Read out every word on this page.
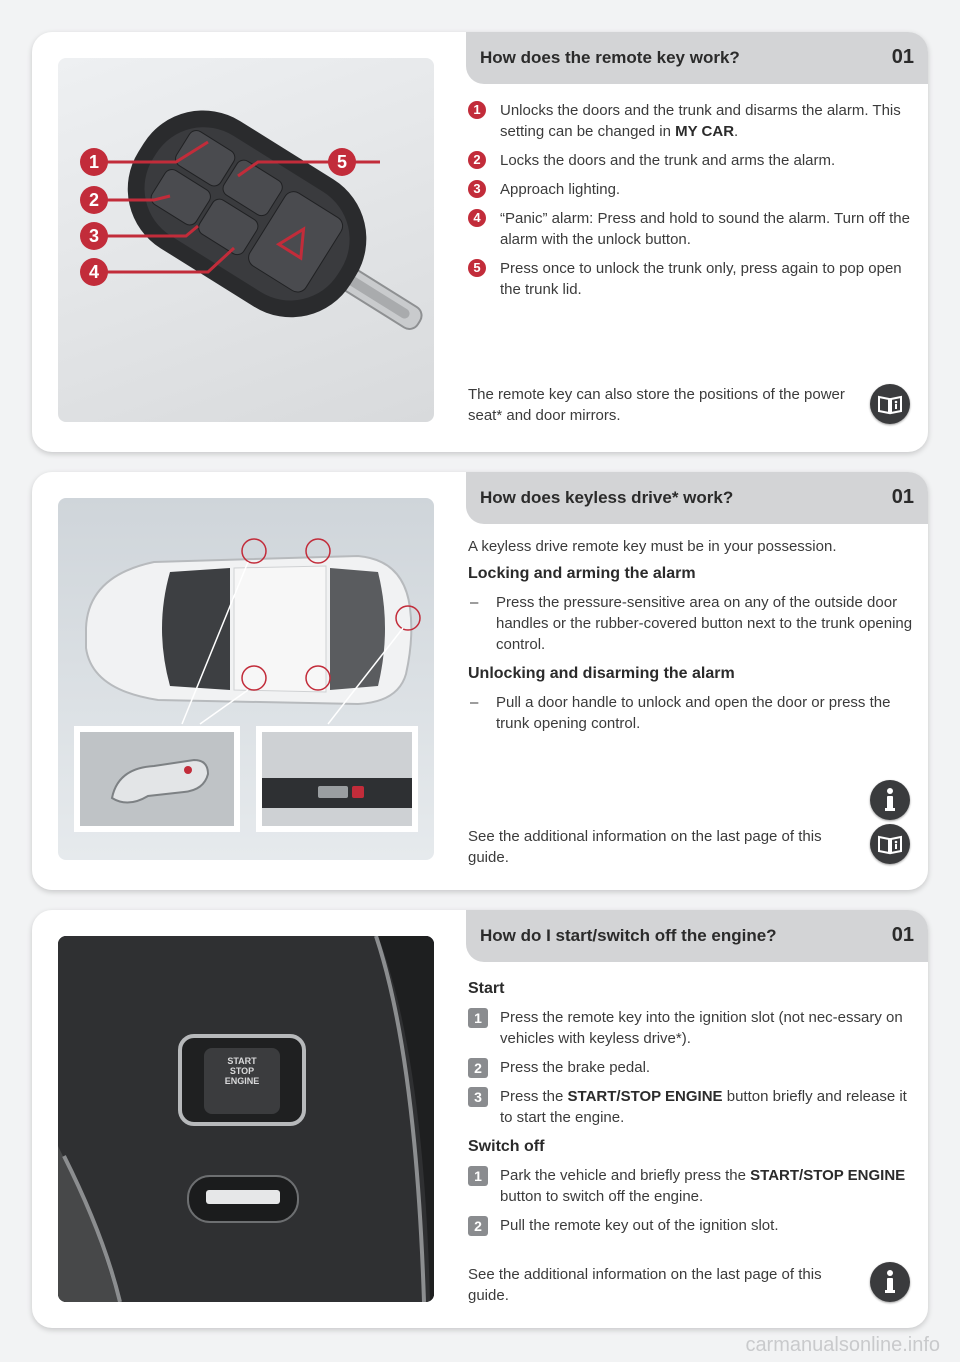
How does the remote key work?	01
1	5
2
3
4
1	Unlocks the doors and the trunk and disarms the alarm. This setting can be changed in MY CAR.
2	Locks the doors and the trunk and arms the alarm.
3	Approach lighting.
4	“Panic” alarm: Press and hold to sound the alarm. Turn off the alarm with the unlock button.
5	Press once to unlock the trunk only, press again to pop open the trunk lid.
The remote key can also store the positions of the power seat* and door mirrors.
How does keyless drive* work?	01
A keyless drive remote key must be in your possession.
Locking and arming the alarm
– Press the pressure-sensitive area on any of the outside door handles or the rubber-covered button next to the trunk opening control.
Unlocking and disarming the alarm
– Pull a door handle to unlock and open the door or press the trunk opening control.
See the additional information on the last page of this guide.
How do I start/switch off the engine?	01
START
STOP
ENGINE
Start
1	Press the remote key into the ignition slot (not nec-essary on vehicles with keyless drive*).
2	Press the brake pedal.
3	Press the START/STOP ENGINE button briefly and release it to start the engine.
Switch off
1	Park the vehicle and briefly press the START/STOP ENGINE button to switch off the engine.
2	Pull the remote key out of the ignition slot.
See the additional information on the last page of this guide.
carmanualsonline.info
